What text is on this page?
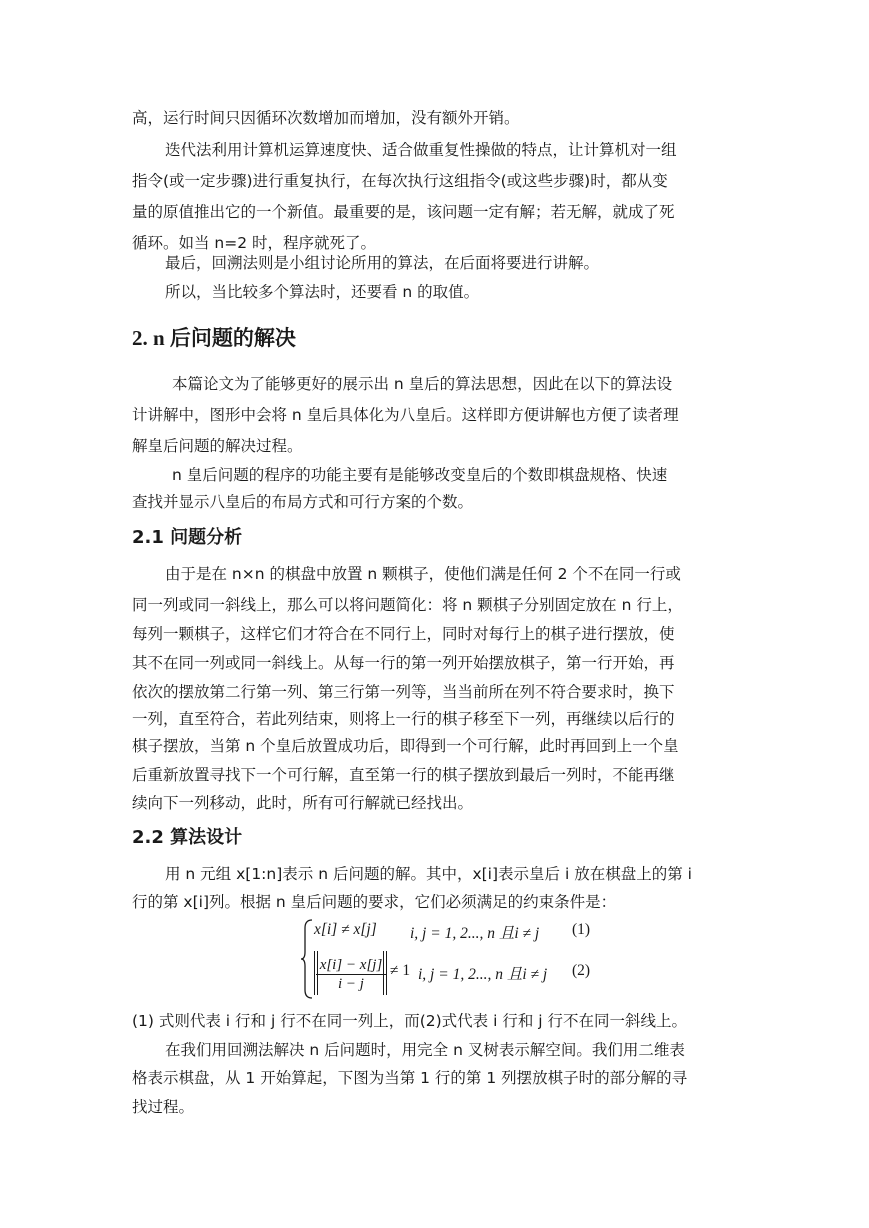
高，运行时间只因循环次数增加而增加，没有额外开销。
迭代法利用计算机运算速度快、适合做重复性操做的特点，让计算机对一组
指令(或一定步骤)进行重复执行，在每次执行这组指令(或这些步骤)时，都从变
量的原值推出它的一个新值。最重要的是，该问题一定有解；若无解，就成了死
循环。如当 n=2 时，程序就死了。
最后，回溯法则是小组讨论所用的算法，在后面将要进行讲解。
所以，当比较多个算法时，还要看 n 的取值。
2. n 后问题的解决
本篇论文为了能够更好的展示出 n 皇后的算法思想，因此在以下的算法设
计讲解中，图形中会将 n 皇后具体化为八皇后。这样即方便讲解也方便了读者理
解皇后问题的解决过程。
n 皇后问题的程序的功能主要有是能够改变皇后的个数即棋盘规格、快速
查找并显示八皇后的布局方式和可行方案的个数。
2.1 问题分析
由于是在 n×n 的棋盘中放置 n 颗棋子，使他们满是任何 2 个不在同一行或
同一列或同一斜线上，那么可以将问题简化：将 n 颗棋子分别固定放在 n 行上，
每列一颗棋子，这样它们才符合在不同行上，同时对每行上的棋子进行摆放，使
其不在同一列或同一斜线上。从每一行的第一列开始摆放棋子，第一行开始，再
依次的摆放第二行第一列、第三行第一列等，当当前所在列不符合要求时，换下
一列，直至符合，若此列结束，则将上一行的棋子移至下一列，再继续以后行的
棋子摆放，当第 n 个皇后放置成功后，即得到一个可行解，此时再回到上一个皇
后重新放置寻找下一个可行解，直至第一行的棋子摆放到最后一列时，不能再继
续向下一列移动，此时，所有可行解就已经找出。
2.2 算法设计
用 n 元组 x[1:n]表示 n 后问题的解。其中，x[i]表示皇后 i 放在棋盘上的第 i
行的第 x[i]列。根据 n 皇后问题的要求，它们必须满足的约束条件是：
x[i] ≠ x[j] i, j = 1, 2..., n 且i ≠ j (1)
$\frac{x[i] - x[j]}{i - j} \ne 1$ i, j = 1, 2..., n 且i ≠ j (2)
(1) 式则代表 i 行和 j 行不在同一列上，而(2)式代表 i 行和 j 行不在同一斜线上。
在我们用回溯法解决 n 后问题时，用完全 n 叉树表示解空间。我们用二维表
格表示棋盘，从 1 开始算起，下图为当第 1 行的第 1 列摆放棋子时的部分解的寻
找过程。
